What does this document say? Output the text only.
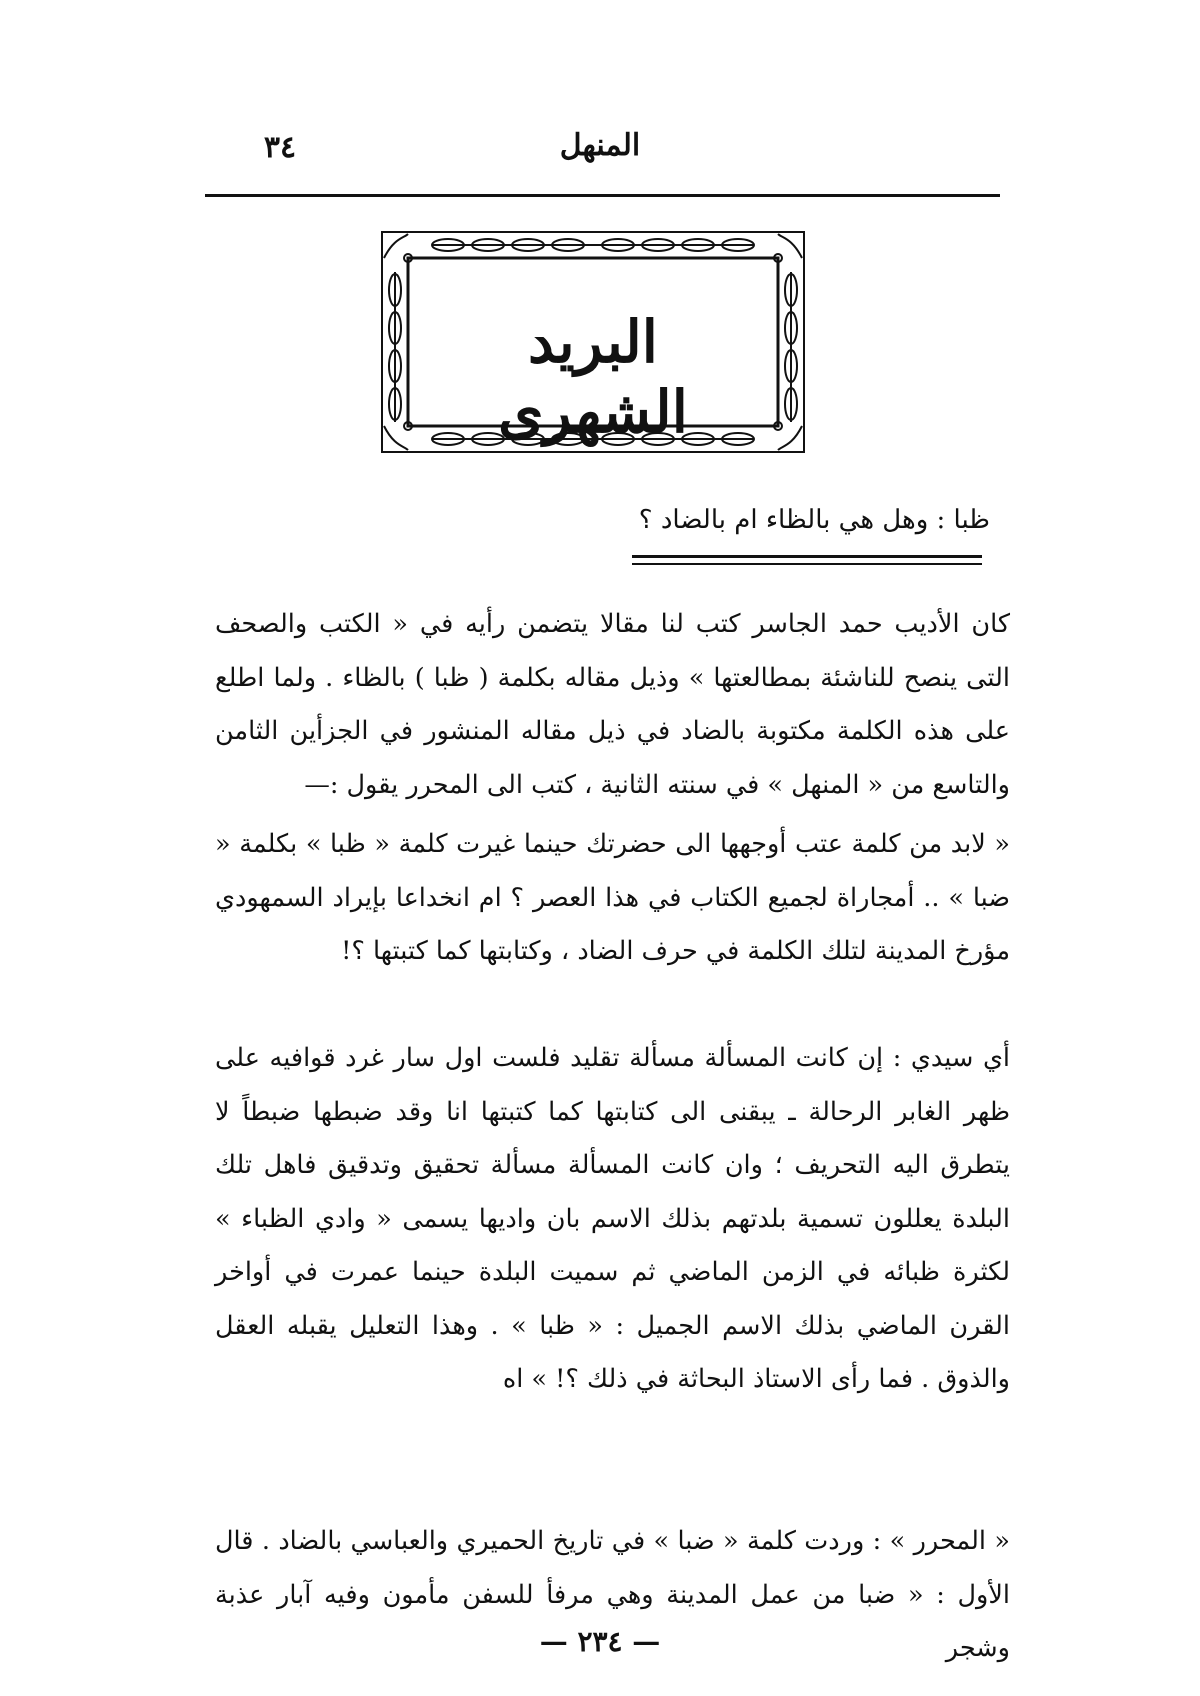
المنهل
٣٤
البريد الشهرى
ظبا : وهل هي بالظاء ام بالضاد ؟
كان الأديب حمد الجاسر كتب لنا مقالا يتضمن رأيه في « الكتب والصحف التى ينصح للناشئة بمطالعتها » وذيل مقاله بكلمة ( ظبا ) بالظاء . ولما اطلع على هذه الكلمة مكتوبة بالضاد في ذيل مقاله المنشور في الجزأين الثامن والتاسع من « المنهل » في سنته الثانية ، كتب الى المحرر يقول :—
« لابد من كلمة عتب أوجهها الى حضرتك حينما غيرت كلمة « ظبا » بكلمة « ضبا » .. أمجاراة لجميع الكتاب في هذا العصر ؟ ام انخداعا بإيراد السمهودي مؤرخ المدينة لتلك الكلمة في حرف الضاد ، وكتابتها كما كتبتها ؟!
أي سيدي : إن كانت المسألة مسألة تقليد فلست اول سار غرد قوافيه على ظهر الغابر الرحالة ـ يبقنى الى كتابتها كما كتبتها انا وقد ضبطها ضبطاً لا يتطرق اليه التحريف ؛ وان كانت المسألة مسألة تحقيق وتدقيق فاهل تلك البلدة يعللون تسمية بلدتهم بذلك الاسم بان واديها يسمى « وادي الظباء » لكثرة ظبائه في الزمن الماضي ثم سميت البلدة حينما عمرت في أواخر القرن الماضي بذلك الاسم الجميل : « ظبا » . وهذا التعليل يقبله العقل والذوق . فما رأى الاستاذ البحاثة في ذلك ؟! » اه
« المحرر » : وردت كلمة « ضبا » في تاريخ الحميري والعباسي بالضاد . قال الأول : « ضبا من عمل المدينة وهي مرفأ للسفن مأمون وفيه آبار عذبة وشجر
— ٢٣٤ —
